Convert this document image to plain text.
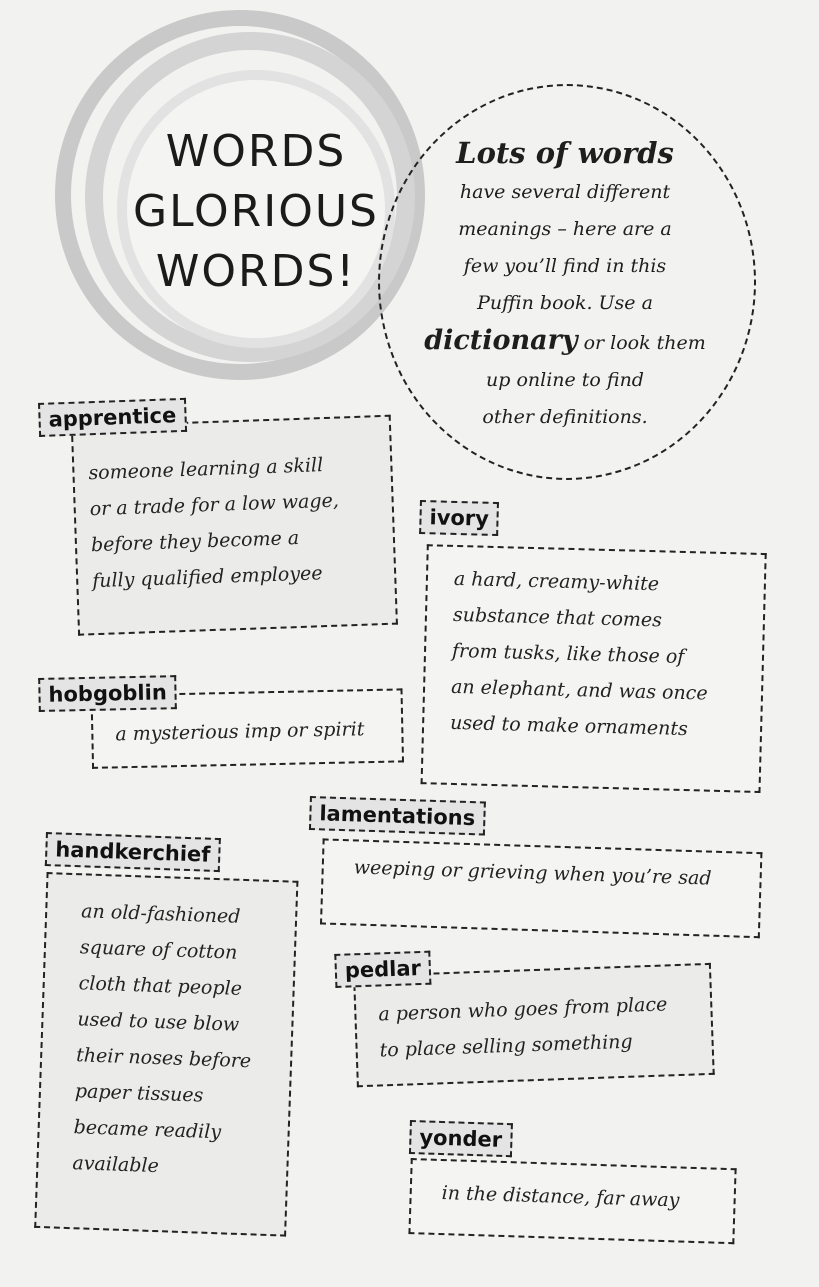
WORDS
GLORIOUS
WORDS!
Lots of words
have several different
meanings – here are a
few you’ll find in this
Puffin book. Use a
dictionary or look them
up online to find
other definitions.
apprentice
someone learning a skill
or a trade for a low wage,
before they become a
fully qualified employee
ivory
a hard, creamy-white
substance that comes
from tusks, like those of
an elephant, and was once
used to make ornaments
hobgoblin
a mysterious imp or spirit
lamentations
weeping or grieving when you’re sad
handkerchief
an old-fashioned
square of cotton
cloth that people
used to use blow
their noses before
paper tissues
became readily
available
pedlar
a person who goes from place
to place selling something
yonder
in the distance, far away
